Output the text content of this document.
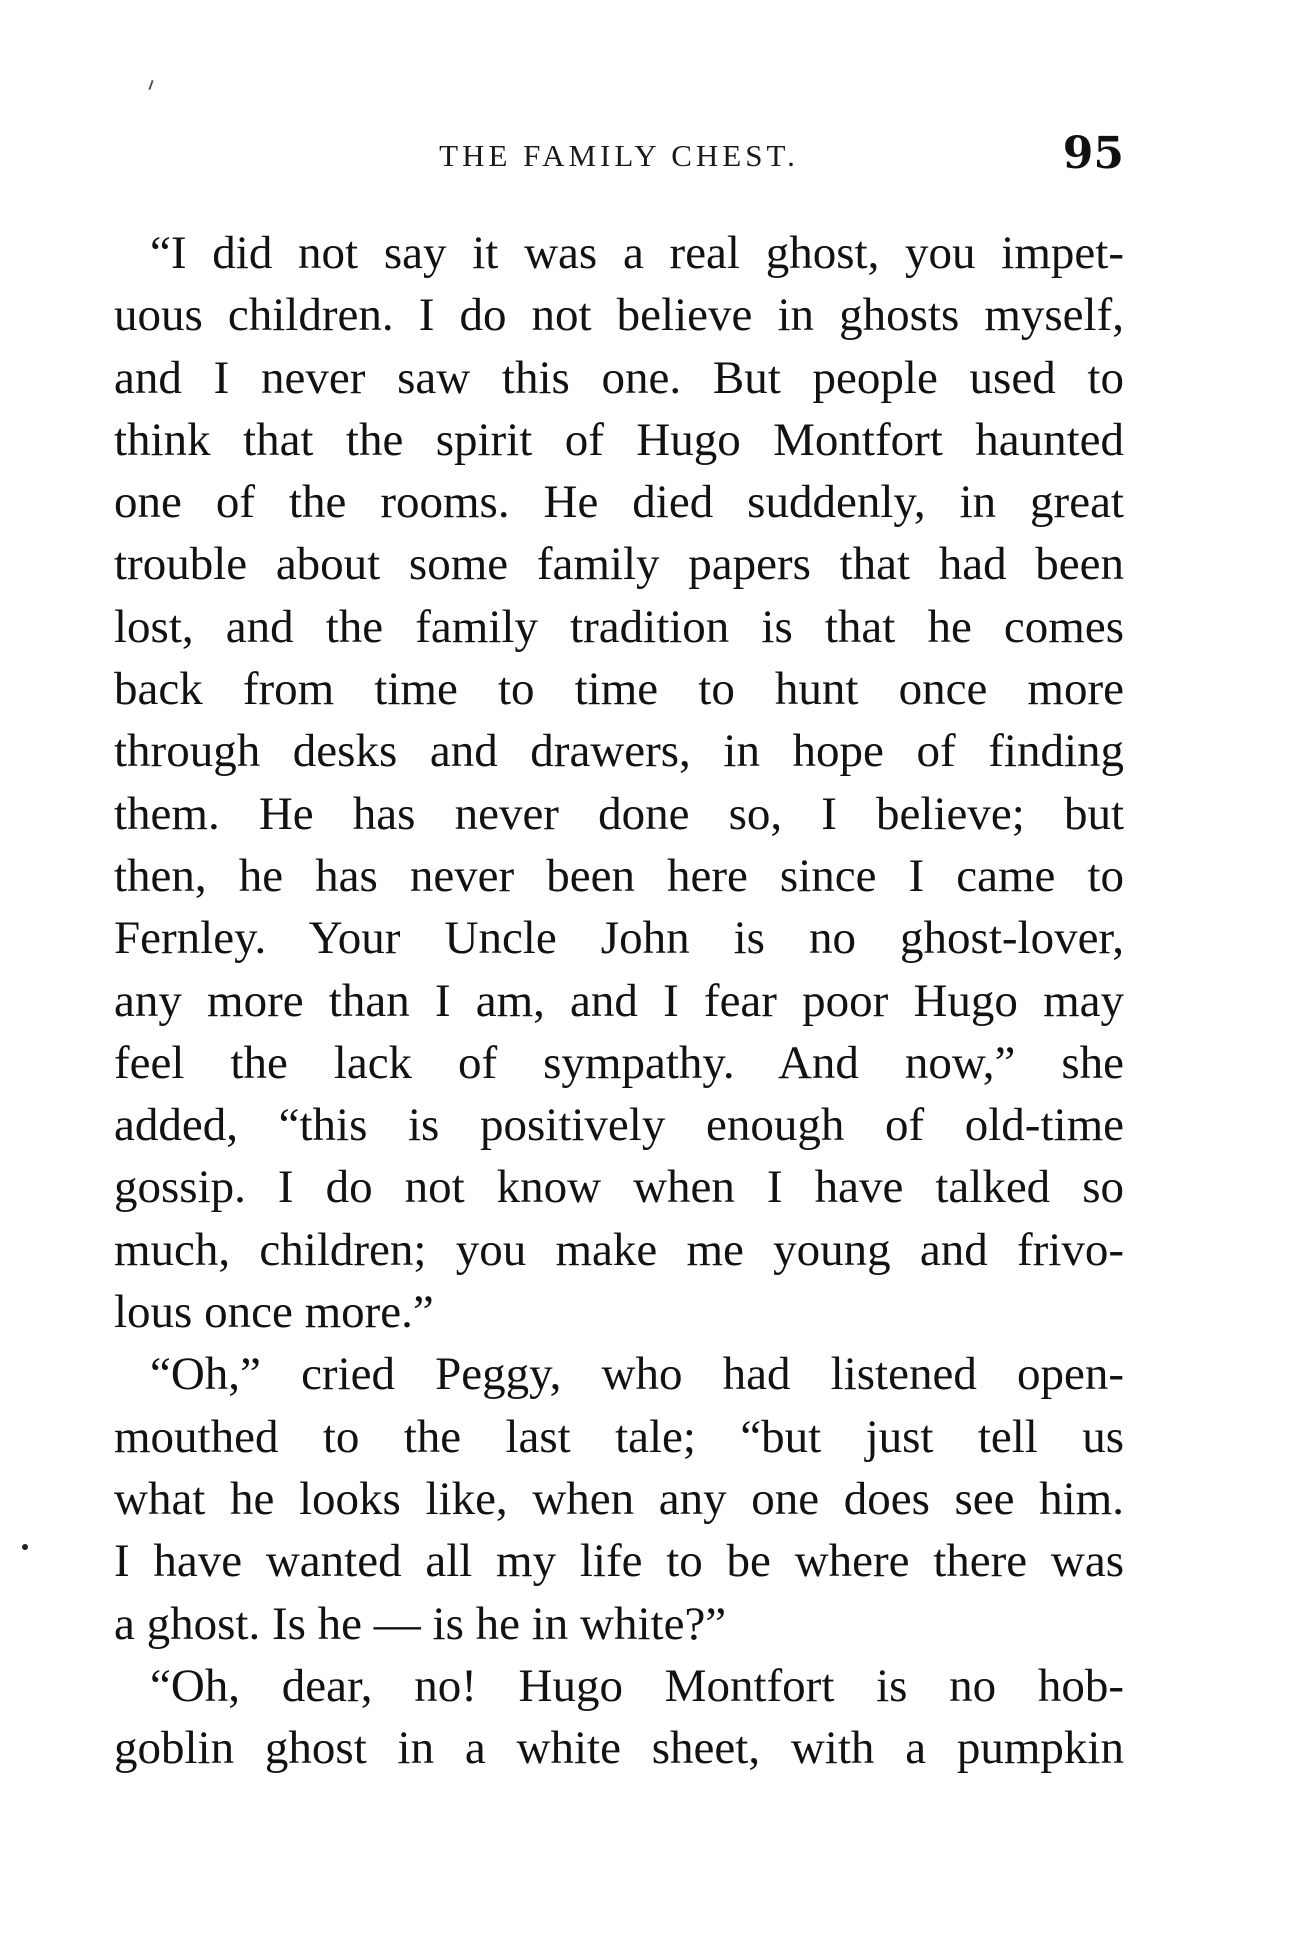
THE FAMILY CHEST.	95
“I did not say it was a real ghost, you impet-
uous children. I do not believe in ghosts myself,
and I never saw this one. But people used to
think that the spirit of Hugo Montfort haunted
one of the rooms. He died suddenly, in great
trouble about some family papers that had been
lost, and the family tradition is that he comes
back from time to time to hunt once more
through desks and drawers, in hope of finding
them. He has never done so, I believe; but
then, he has never been here since I came to
Fernley. Your Uncle John is no ghost-lover,
any more than I am, and I fear poor Hugo may
feel the lack of sympathy. And now,” she
added, “this is positively enough of old-time
gossip. I do not know when I have talked so
much, children; you make me young and frivo-
lous once more.”
“Oh,” cried Peggy, who had listened open-
mouthed to the last tale; “but just tell us
what he looks like, when any one does see him.
I have wanted all my life to be where there was
a ghost. Is he — is he in white?”
“Oh, dear, no! Hugo Montfort is no hob-
goblin ghost in a white sheet, with a pumpkin
